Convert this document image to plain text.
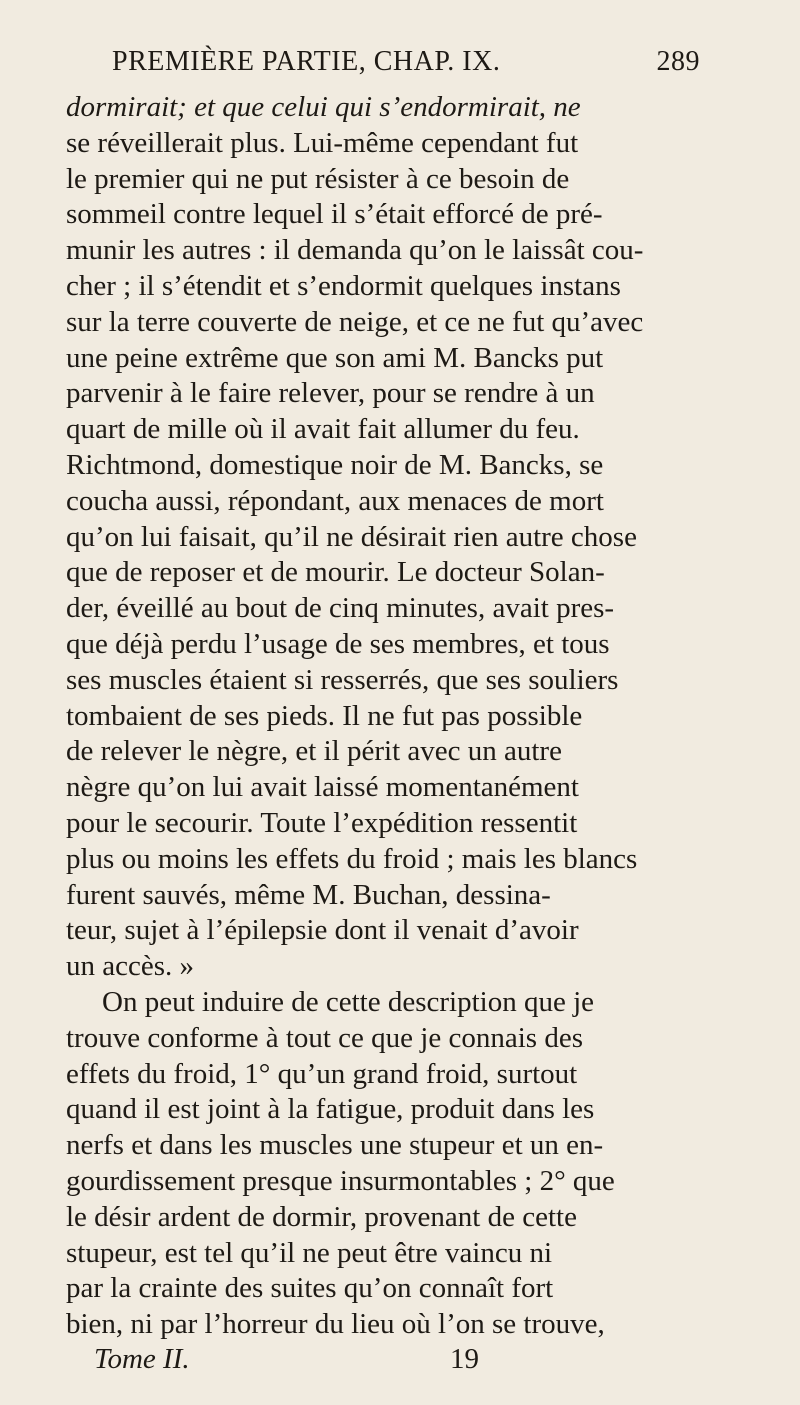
PREMIÈRE PARTIE, CHAP. IX.	289
dormirait; et que celui qui s’endormirait, ne
se réveillerait plus. Lui-même cependant fut
le premier qui ne put résister à ce besoin de
sommeil contre lequel il s’était efforcé de pré-
munir les autres : il demanda qu’on le laissât cou-
cher ; il s’étendit et s’endormit quelques instans
sur la terre couverte de neige, et ce ne fut qu’avec
une peine extrême que son ami M. Bancks put
parvenir à le faire relever, pour se rendre à un
quart de mille où il avait fait allumer du feu.
Richtmond, domestique noir de M. Bancks, se
coucha aussi, répondant, aux menaces de mort
qu’on lui faisait, qu’il ne désirait rien autre chose
que de reposer et de mourir. Le docteur Solan-
der, éveillé au bout de cinq minutes, avait pres-
que déjà perdu l’usage de ses membres, et tous
ses muscles étaient si resserrés, que ses souliers
tombaient de ses pieds. Il ne fut pas possible
de relever le nègre, et il périt avec un autre
nègre qu’on lui avait laissé momentanément
pour le secourir. Toute l’expédition ressentit
plus ou moins les effets du froid ; mais les blancs
furent sauvés, même M. Buchan, dessina-
teur, sujet à l’épilepsie dont il venait d’avoir
un accès. »
On peut induire de cette description que je
trouve conforme à tout ce que je connais des
effets du froid, 1° qu’un grand froid, surtout
quand il est joint à la fatigue, produit dans les
nerfs et dans les muscles une stupeur et un en-
gourdissement presque insurmontables ; 2° que
le désir ardent de dormir, provenant de cette
stupeur, est tel qu’il ne peut être vaincu ni
par la crainte des suites qu’on connaît fort
bien, ni par l’horreur du lieu où l’on se trouve,
Tome II.	19
